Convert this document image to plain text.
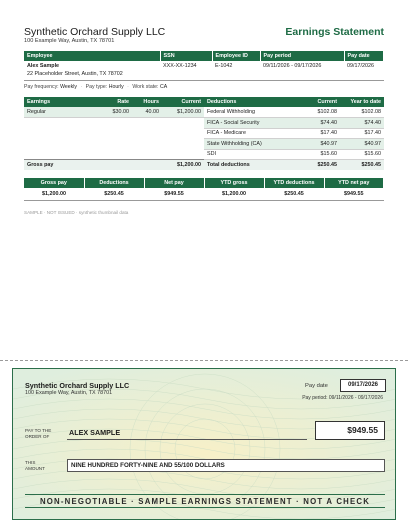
Synthetic Orchard Supply LLC
100 Example Way, Austin, TX 78701
Earnings Statement
Employee	SSN	Employee ID	Pay period	Pay date

Alex Sample
22 Placeholder Street, Austin, TX 78702	XXX-XX-1234	E-1042	09/11/2026 - 09/17/2026	09/17/2026
Pay frequency: Weekly · Pay type: Hourly · Work state: CA
Earnings	Rate	Hours	Current
Regular	$30.00	40.00	$1,200.00

Gross pay			$1,200.00
Deductions	Current	Year to date
Federal Withholding	$102.08	$102.08
FICA - Social Security	$74.40	$74.40
FICA - Medicare	$17.40	$17.40
State Withholding (CA)	$40.97	$40.97
SDI	$15.60	$15.60
Total deductions	$250.45	$250.45
Gross pay	Deductions	Net pay	YTD gross	YTD deductions	YTD net pay
$1,200.00	$250.45	$949.55	$1,200.00	$250.45	$949.55
SAMPLE · NOT ISSUED · synthetic thumbnail data
Synthetic Orchard Supply LLC
100 Example Way, Austin, TX 78701
Pay date	09/17/2026
Pay period: 09/11/2026 - 09/17/2026
PAY TO THE
ORDER OF	ALEX SAMPLE	$949.55
THIS
AMOUNT	NINE HUNDRED FORTY-NINE AND 55/100 DOLLARS
NON-NEGOTIABLE · SAMPLE EARNINGS STATEMENT · NOT A CHECK
